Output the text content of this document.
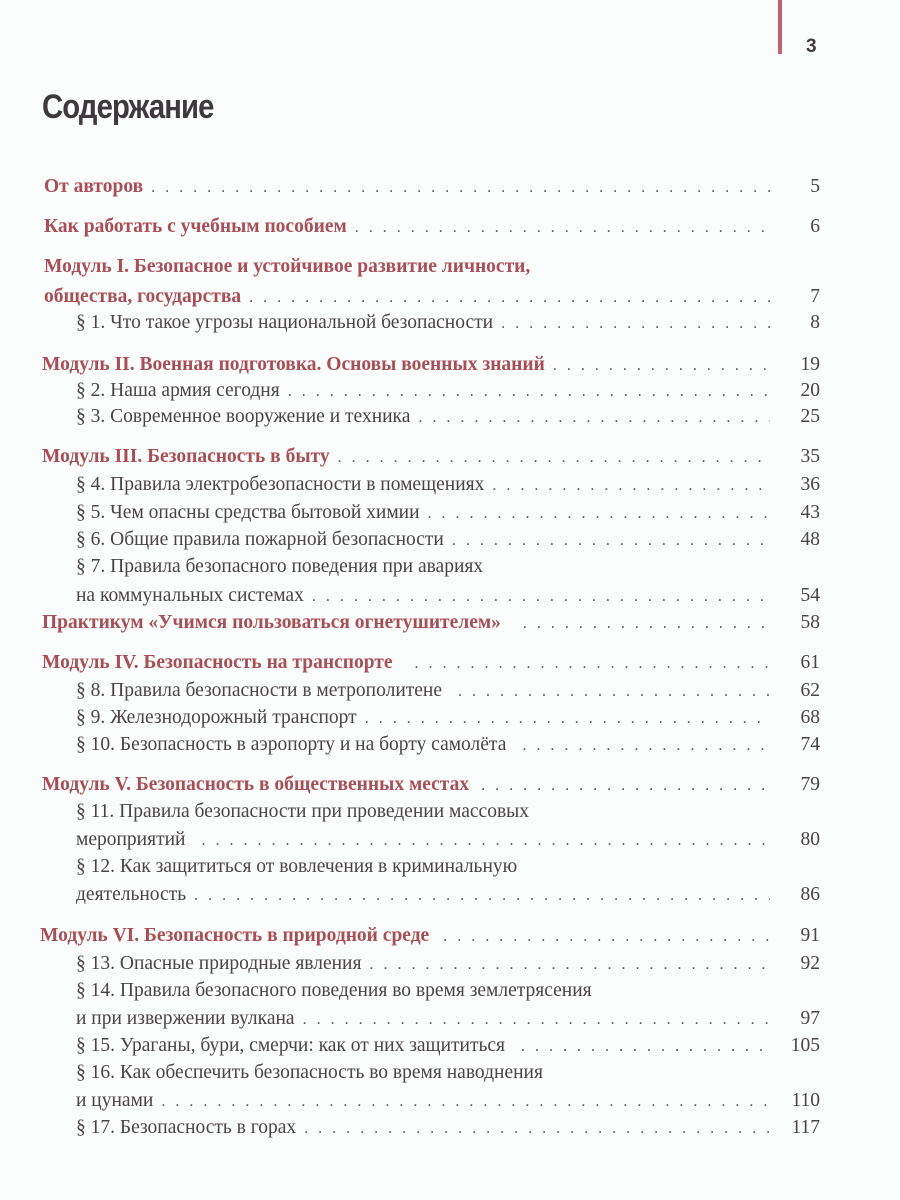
3
Содержание
От авторов . . .	5
Как работать с учебным пособием . . .	6
Модуль I. Безопасное и устойчивое развитие личности,
общества, государства . . .	7
§ 1. Что такое угрозы национальной безопасности . . .	8
Модуль II. Военная подготовка. Основы военных знаний . . .	19
§ 2. Наша армия сегодня . . .	20
§ 3. Современное вооружение и техника . . .	25
Модуль III. Безопасность в быту . . .	35
§ 4. Правила электробезопасности в помещениях . . .	36
§ 5. Чем опасны средства бытовой химии . . .	43
§ 6. Общие правила пожарной безопасности . . .	48
§ 7. Правила безопасного поведения при авариях
на коммунальных системах . . .	54
Практикум «Учимся пользоваться огнетушителем» . . .	58
Модуль IV. Безопасность на транспорте . . .	61
§ 8. Правила безопасности в метрополитене . . .	62
§ 9. Железнодорожный транспорт . . .	68
§ 10. Безопасность в аэропорту и на борту самолёта . . .	74
Модуль V. Безопасность в общественных местах . . .	79
§ 11. Правила безопасности при проведении массовых
мероприятий . . .	80
§ 12. Как защититься от вовлечения в криминальную
деятельность . . .	86
Модуль VI. Безопасность в природной среде . . .	91
§ 13. Опасные природные явления . . .	92
§ 14. Правила безопасного поведения во время землетрясения
и при извержении вулкана . . .	97
§ 15. Ураганы, бури, смерчи: как от них защититься . . .	105
§ 16. Как обеспечить безопасность во время наводнения
и цунами . . .	110
§ 17. Безопасность в горах . . .	117
